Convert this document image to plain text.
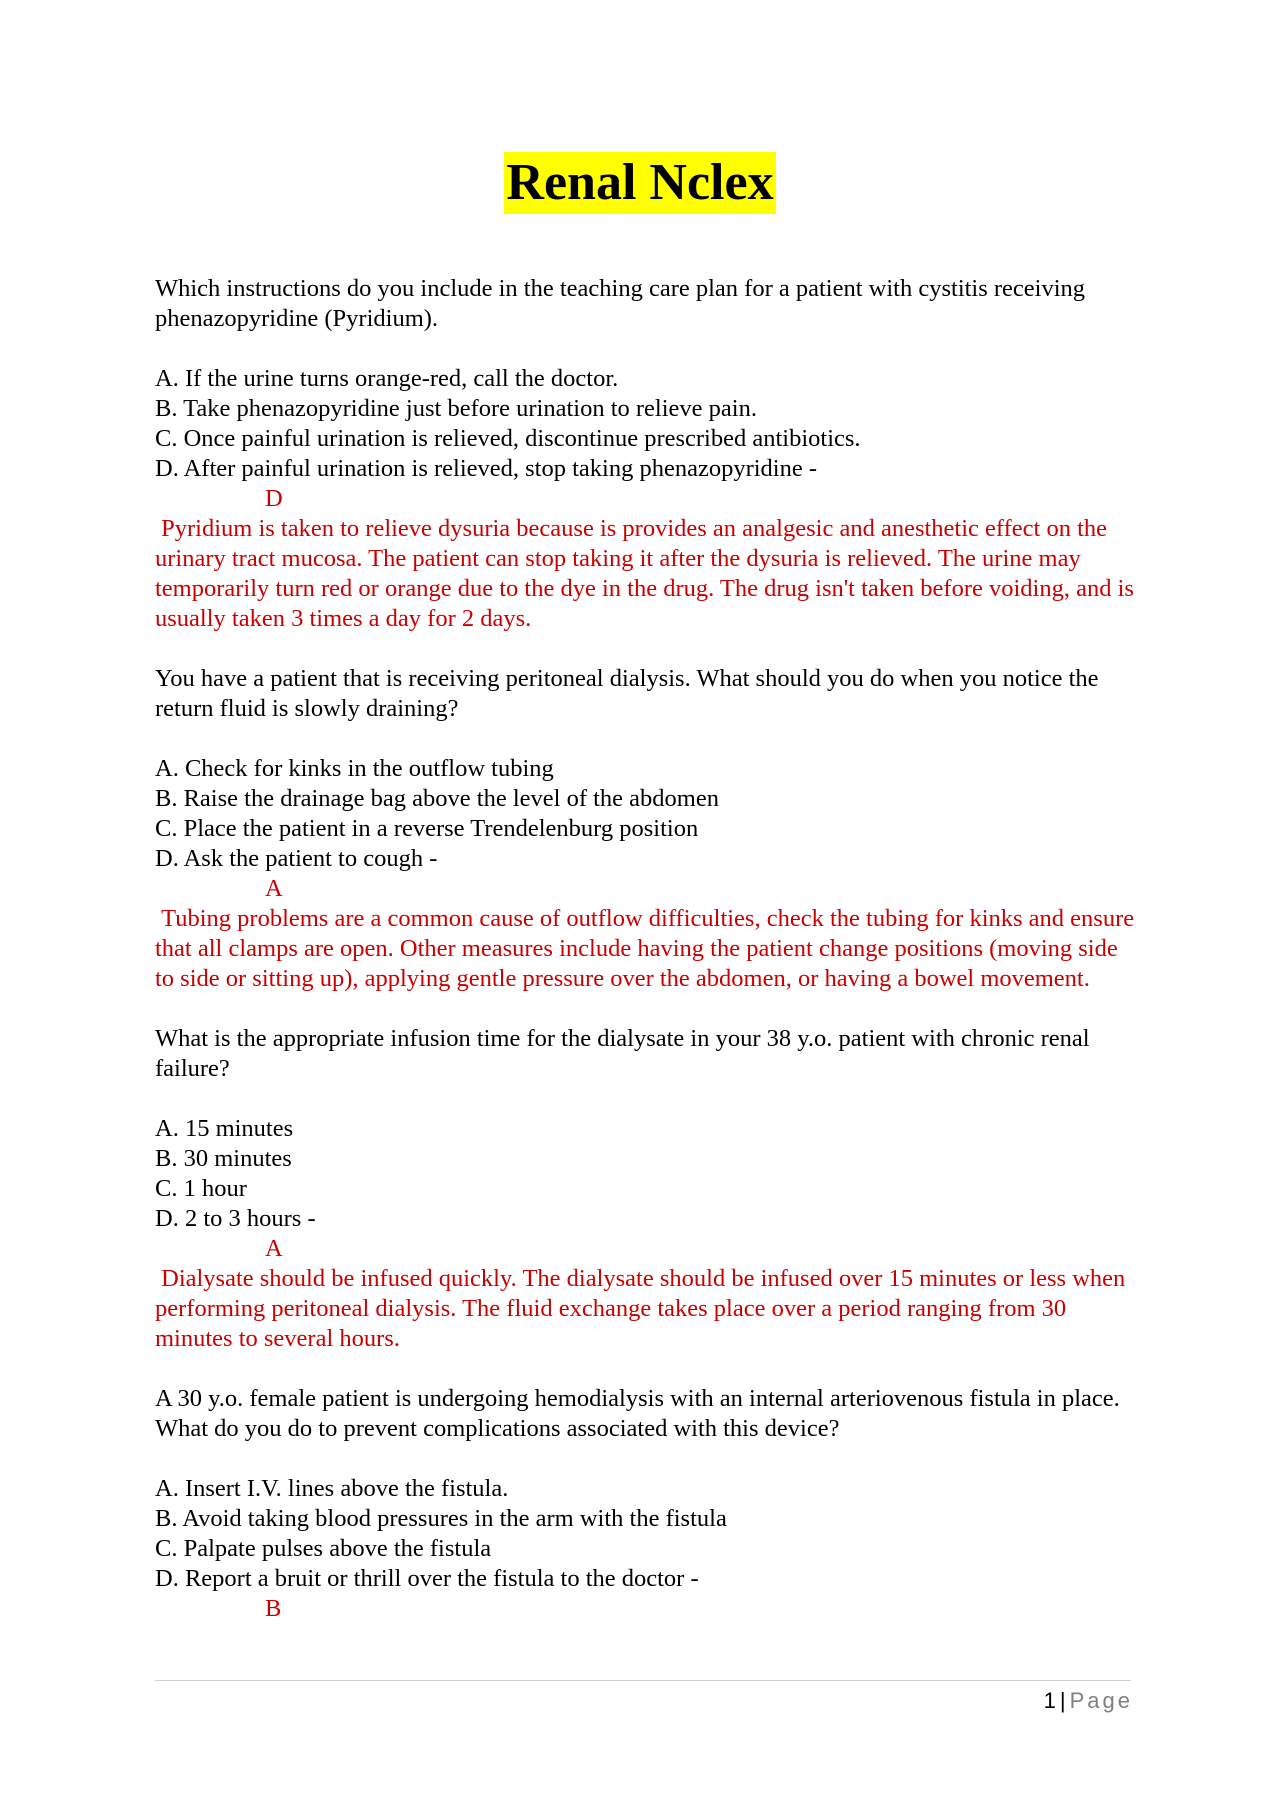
Renal Nclex

Which instructions do you include in the teaching care plan for a patient with cystitis receiving phenazopyridine (Pyridium).

A. If the urine turns orange-red, call the doctor.
B. Take phenazopyridine just before urination to relieve pain.
C. Once painful urination is relieved, discontinue prescribed antibiotics.
D. After painful urination is relieved, stop taking phenazopyridine -
D

Pyridium is taken to relieve dysuria because is provides an analgesic and anesthetic effect on the urinary tract mucosa. The patient can stop taking it after the dysuria is relieved. The urine may temporarily turn red or orange due to the dye in the drug. The drug isn't taken before voiding, and is usually taken 3 times a day for 2 days.

You have a patient that is receiving peritoneal dialysis. What should you do when you notice the return fluid is slowly draining?

A. Check for kinks in the outflow tubing
B. Raise the drainage bag above the level of the abdomen
C. Place the patient in a reverse Trendelenburg position
D. Ask the patient to cough -
A

Tubing problems are a common cause of outflow difficulties, check the tubing for kinks and ensure that all clamps are open. Other measures include having the patient change positions (moving side to side or sitting up), applying gentle pressure over the abdomen, or having a bowel movement.

What is the appropriate infusion time for the dialysate in your 38 y.o. patient with chronic renal failure?

A. 15 minutes
B. 30 minutes
C. 1 hour
D. 2 to 3 hours -
A

Dialysate should be infused quickly. The dialysate should be infused over 15 minutes or less when performing peritoneal dialysis. The fluid exchange takes place over a period ranging from 30 minutes to several hours.

A 30 y.o. female patient is undergoing hemodialysis with an internal arteriovenous fistula in place. What do you do to prevent complications associated with this device?

A. Insert I.V. lines above the fistula.
B. Avoid taking blood pressures in the arm with the fistula
C. Palpate pulses above the fistula
D. Report a bruit or thrill over the fistula to the doctor -
B
1 | Page
